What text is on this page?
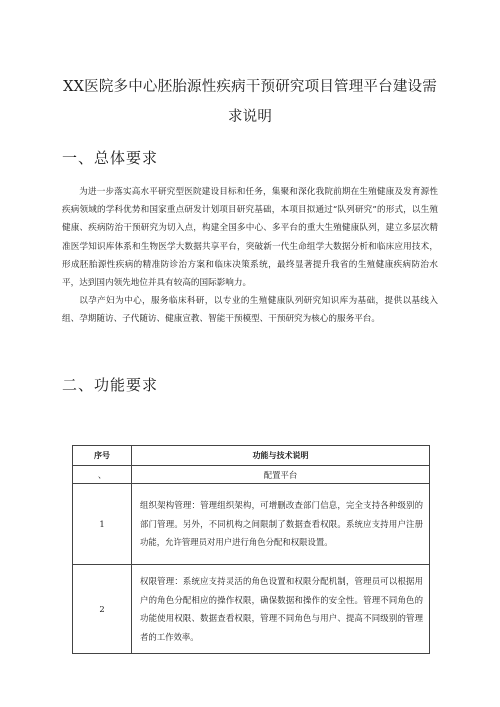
XX医院多中心胚胎源性疾病干预研究项目管理平台建设需
求说明
一、总体要求
为进一步落实高水平研究型医院建设目标和任务，集聚和深化我院前期在生殖健康及发育源性疾病领域的学科优势和国家重点研发计划项目研究基础，本项目拟通过“队列研究”的形式，以生殖健康、疾病防治干预研究为切入点，构建全国多中心、多平台的重大生殖健康队列，建立多层次精准医学知识库体系和生物医学大数据共享平台，突破新一代生命组学大数据分析和临床应用技术，形成胚胎源性疾病的精准防诊治方案和临床决策系统，最终显著提升我省的生殖健康疾病防治水平，达到国内领先地位并具有较高的国际影响力。
以孕产妇为中心，服务临床科研，以专业的生殖健康队列研究知识库为基础，提供以基线入组、孕期随访、子代随访、健康宣教、智能干预模型、干预研究为核心的服务平台。
二、功能要求
序号	功能与技术说明
、	配置平台
1	组织架构管理：管理组织架构，可增删改查部门信息，完全支持各种级别的部门管理。另外，不同机构之间限制了数据查看权限。系统应支持用户注册功能，允许管理员对用户进行角色分配和权限设置。
2	权限管理：系统应支持灵活的角色设置和权限分配机制，管理员可以根据用户的角色分配相应的操作权限，确保数据和操作的安全性。管理不同角色的功能使用权限、数据查看权限，管理不同角色与用户、提高不同级别的管理者的工作效率。
